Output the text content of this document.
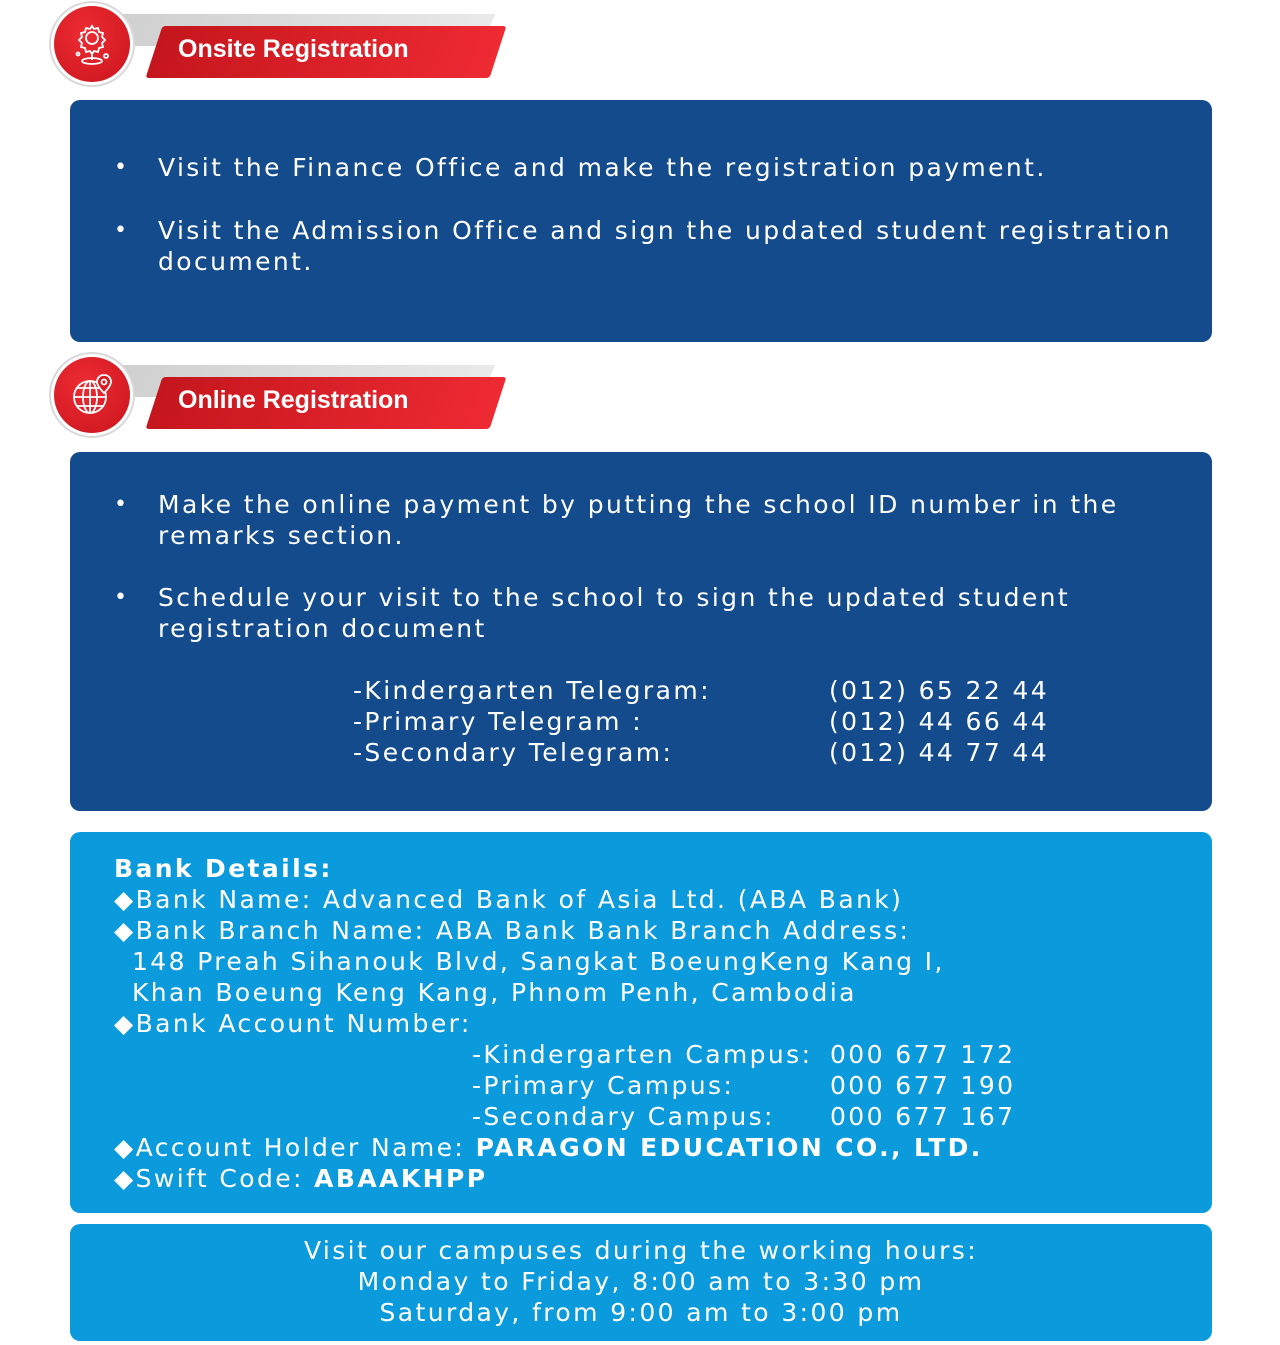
Onsite Registration
• Visit the Finance Office and make the registration payment.
• Visit the Admission Office and sign the updated student registration document.
Online Registration
• Make the online payment by putting the school ID number in the remarks section.
• Schedule your visit to the school to sign the updated student registration document
-Kindergarten Telegram:	(012) 65 22 44
-Primary Telegram :	(012) 44 66 44
-Secondary Telegram:	(012) 44 77 44
Bank Details:
◆Bank Name: Advanced Bank of Asia Ltd. (ABA Bank)
◆Bank Branch Name: ABA Bank Bank Branch Address:
148 Preah Sihanouk Blvd, Sangkat BoeungKeng Kang I,
Khan Boeung Keng Kang, Phnom Penh, Cambodia
◆Bank Account Number:
-Kindergarten Campus: 000 677 172
-Primary Campus:	000 677 190
-Secondary Campus: 000 677 167
◆Account Holder Name: PARAGON EDUCATION CO., LTD.
◆Swift Code: ABAAKHPP
Visit our campuses during the working hours:
Monday to Friday, 8:00 am to 3:30 pm
Saturday, from 9:00 am to 3:00 pm
